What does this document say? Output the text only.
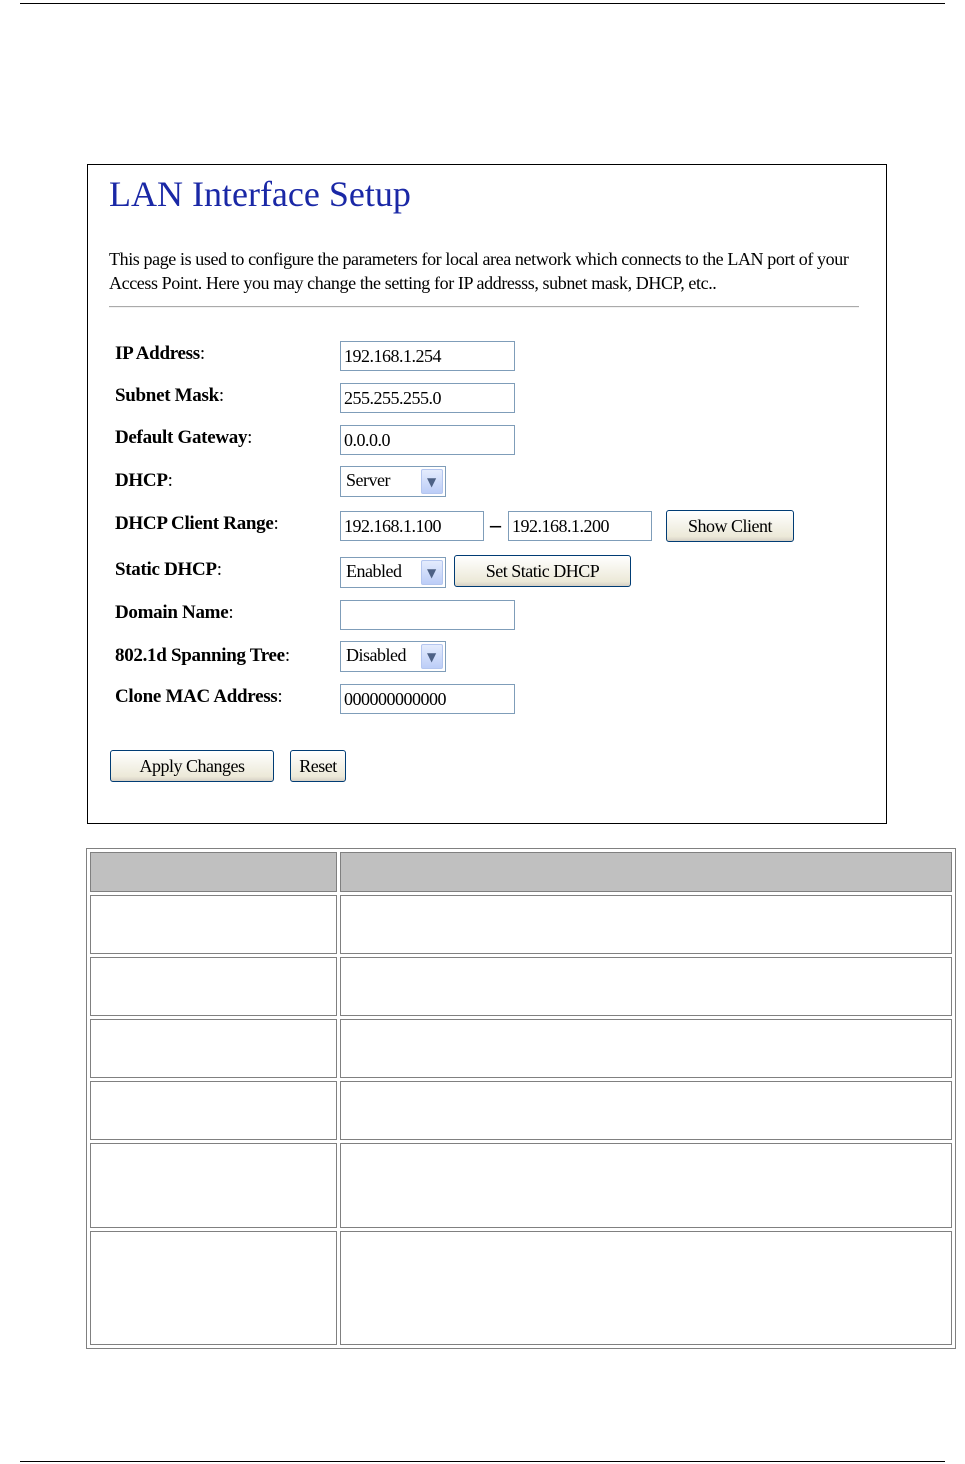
LAN Interface Setup
This page is used to configure the parameters for local area network which connects to the LAN port of your Access Point. Here you may change the setting for IP addresss, subnet mask, DHCP, etc..
IP Address:
192.168.1.254
Subnet Mask:
255.255.255.0
Default Gateway:
0.0.0.0
DHCP:	Server	▼
DHCP Client Range:
192.168.1.100	–
192.168.1.200	Show Client
Static DHCP:	Enabled ▼	Set Static DHCP
Domain Name:
802.1d Spanning Tree:	Disabled ▼
Clone MAC Address:
000000000000
Apply Changes	Reset
